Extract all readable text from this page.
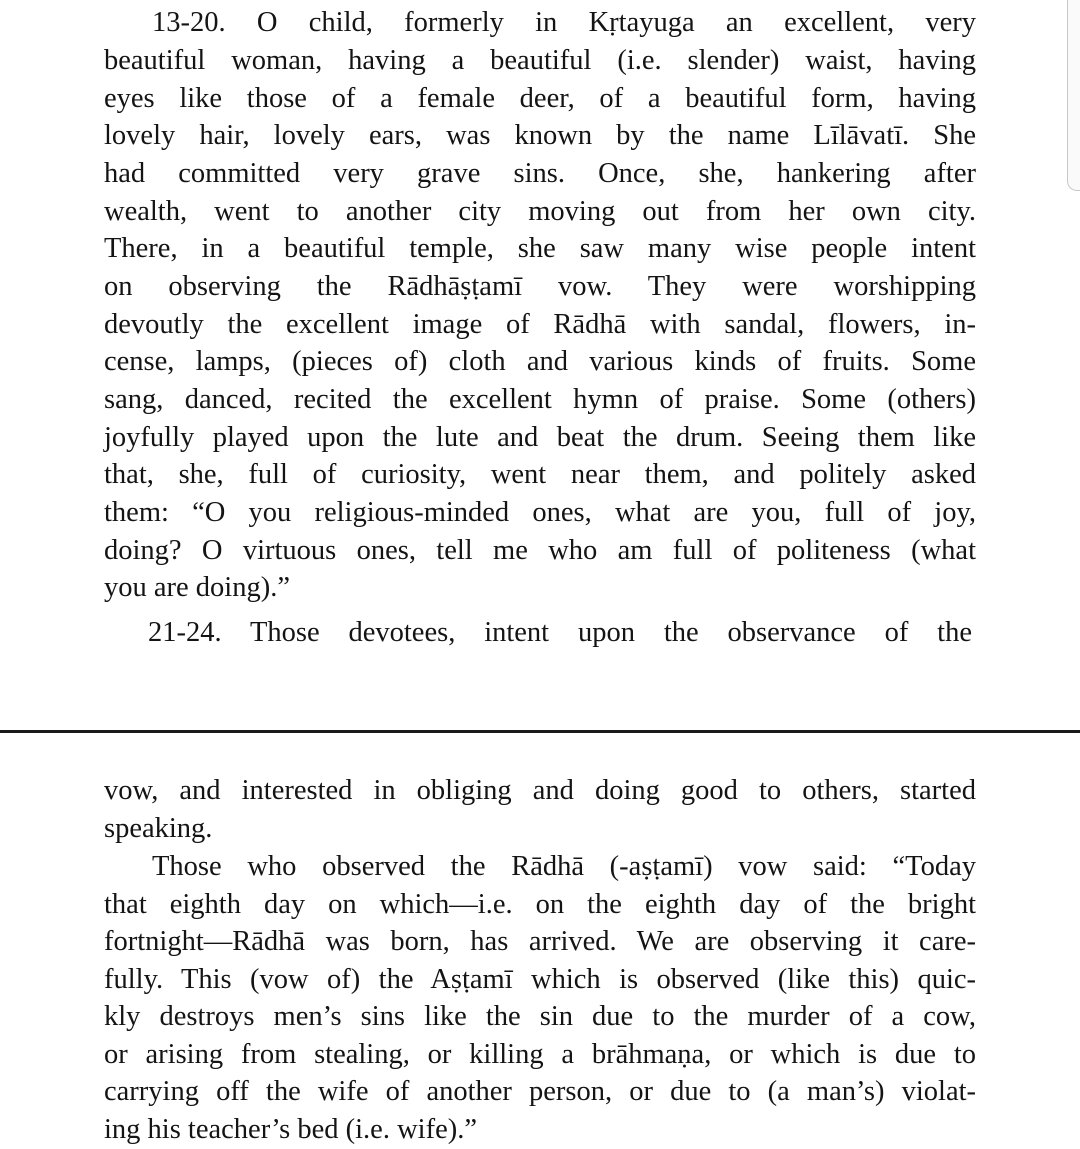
13-20. O child, formerly in Kṛtayuga an excellent, very
beautiful woman, having a beautiful (i.e. slender) waist, having
eyes like those of a female deer, of a beautiful form, having
lovely hair, lovely ears, was known by the name Līlāvatī. She
had committed very grave sins. Once, she, hankering after
wealth, went to another city moving out from her own city.
There, in a beautiful temple, she saw many wise people intent
on observing the Rādhāṣṭamī vow. They were worshipping
devoutly the excellent image of Rādhā with sandal, flowers, in-
cense, lamps, (pieces of) cloth and various kinds of fruits. Some
sang, danced, recited the excellent hymn of praise. Some (others)
joyfully played upon the lute and beat the drum. Seeing them like
that, she, full of curiosity, went near them, and politely asked
them: “O you religious-minded ones, what are you, full of joy,
doing? O virtuous ones, tell me who am full of politeness (what
you are doing).”
21-24. Those devotees, intent upon the observance of the
vow, and interested in obliging and doing good to others, started
speaking.
Those who observed the Rādhā (-aṣṭamī) vow said: “Today
that eighth day on which—i.e. on the eighth day of the bright
fortnight—Rādhā was born, has arrived. We are observing it care-
fully. This (vow of) the Aṣṭamī which is observed (like this) quic-
kly destroys men’s sins like the sin due to the murder of a cow,
or arising from stealing, or killing a brāhmaṇa, or which is due to
carrying off the wife of another person, or due to (a man’s) violat-
ing his teacher’s bed (i.e. wife).”
